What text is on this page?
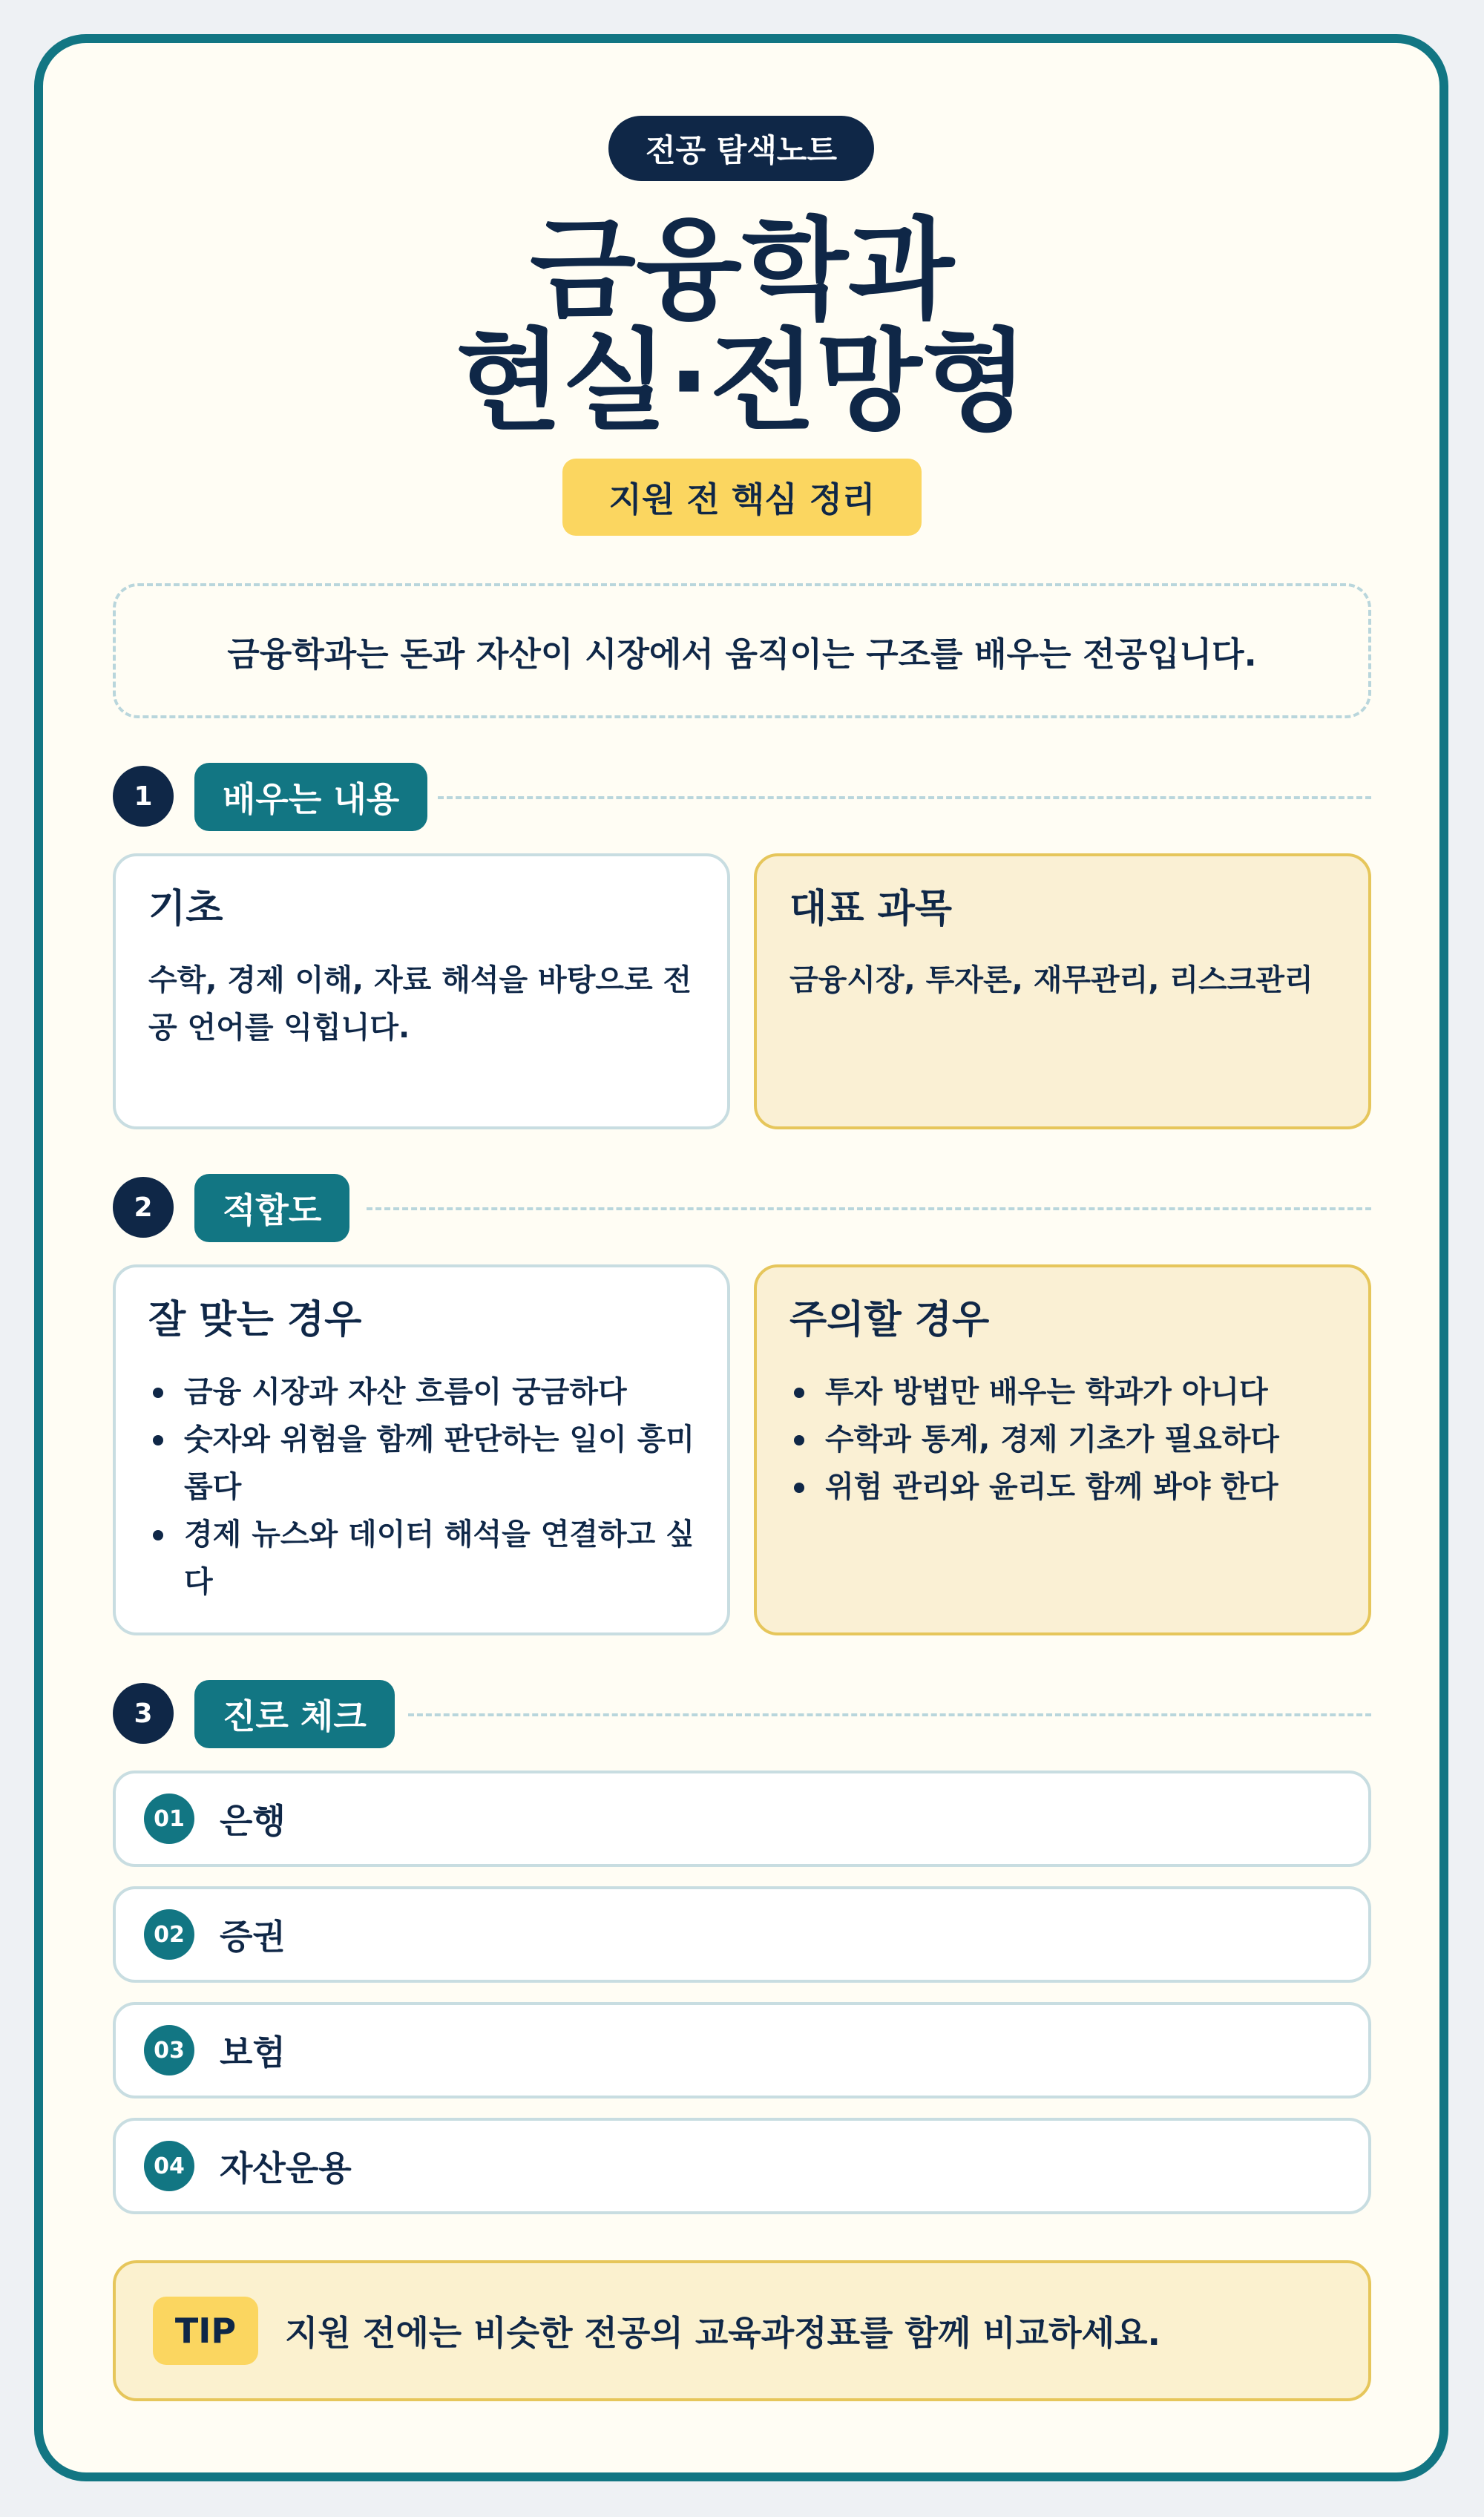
전공 탐색노트
금융학과
현실·전망형
지원 전 핵심 정리
금융학과는 돈과 자산이 시장에서 움직이는 구조를 배우는 전공입니다.
1	배우는 내용
기초

수학, 경제 이해, 자료 해석을 바탕으로 전공 언어를 익힙니다.

대표 과목

금융시장, 투자론, 재무관리, 리스크관리

2	적합도
잘 맞는 경우
금융 시장과 자산 흐름이 궁금하다
숫자와 위험을 함께 판단하는 일이 흥미롭다
경제 뉴스와 데이터 해석을 연결하고 싶다
주의할 경우
투자 방법만 배우는 학과가 아니다
수학과 통계, 경제 기초가 필요하다
위험 관리와 윤리도 함께 봐야 한다
3	진로 체크
01 은행
02 증권
03 보험
04 자산운용
TIP	지원 전에는 비슷한 전공의 교육과정표를 함께 비교하세요.
